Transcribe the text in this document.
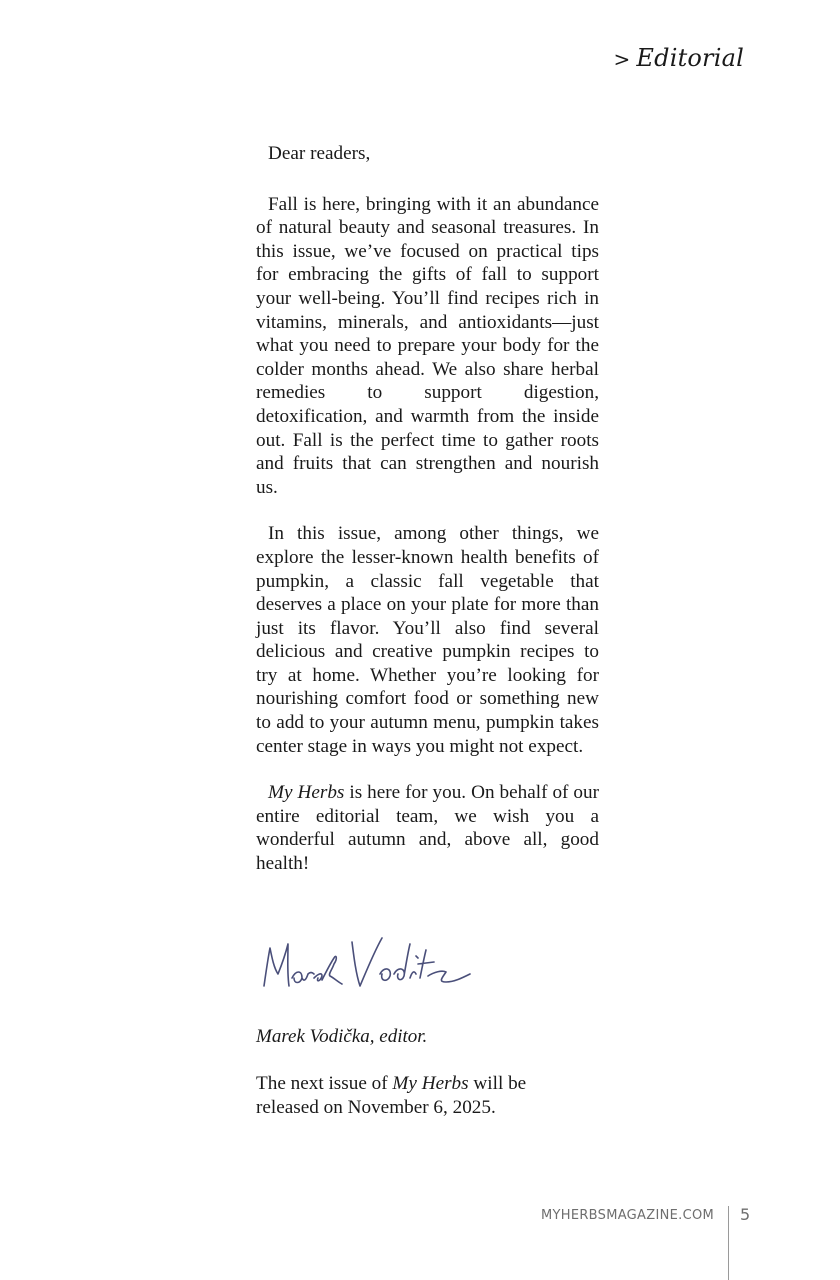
> Editorial

Dear readers,

Fall is here, bringing with it an abundance of natural beauty and seasonal treasures. In this issue, we’ve focused on practical tips for embracing the gifts of fall to support your well-being. You’ll find recipes rich in vitamins, minerals, and antioxidants—just what you need to prepare your body for the colder months ahead. We also share herbal remedies to support digestion, detoxification, and warmth from the inside out. Fall is the perfect time to gather roots and fruits that can strengthen and nourish us.

In this issue, among other things, we explore the lesser-known health benefits of pumpkin, a classic fall vegetable that deserves a place on your plate for more than just its flavor. You’ll also find several delicious and creative pumpkin recipes to try at home. Whether you’re looking for nourishing comfort food or something new to add to your autumn menu, pumpkin takes center stage in ways you might not expect.

My Herbs is here for you. On behalf of our entire editorial team, we wish you a wonderful autumn and, above all, good health!

Marek Vodička, editor.
The next issue of My Herbs will be released on November 6, 2025.
MYHERBSMAGAZINE.COM 5
